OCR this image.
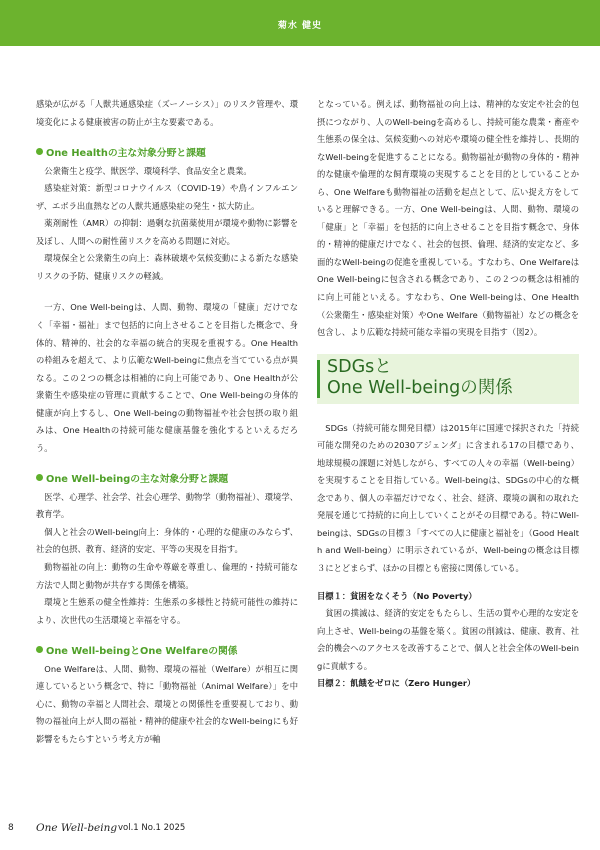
菊水 健史

感染が広がる「人獣共通感染症（ズーノーシス）」のリスク管理や、環境変化による健康被害の防止が主な要素である。

One Healthの主な対象分野と課題

公衆衛生と疫学、獣医学、環境科学、食品安全と農業。

感染症対策：新型コロナウイルス（COVID-19）や鳥インフルエンザ、エボラ出血熱などの人獣共通感染症の発生・拡大防止。

薬剤耐性（AMR）の抑制：過剰な抗菌薬使用が環境や動物に影響を及ぼし、人間への耐性菌リスクを高める問題に対応。

環境保全と公衆衛生の向上：森林破壊や気候変動による新たな感染リスクの予防、健康リスクの軽減。

一方、One Well-beingは、人間、動物、環境の「健康」だけでなく「幸福・福祉」まで包括的に向上させることを目指した概念で、身体的、精神的、社会的な幸福の統合的実現を重視する。One Healthの枠組みを超えて、より広範なWell-beingに焦点を当てている点が異なる。この２つの概念は相補的に向上可能であり、One Healthが公衆衛生や感染症の管理に貢献することで、One Well-beingの身体的健康が向上するし、One Well-beingの動物福祉や社会包摂の取り組みは、One Healthの持続可能な健康基盤を強化するといえるだろう。

One Well-beingの主な対象分野と課題

医学、心理学、社会学、社会心理学、動物学（動物福祉）、環境学、教育学。

個人と社会のWell-being向上：身体的・心理的な健康のみならず、社会的包摂、教育、経済的安定、平等の実現を目指す。

動物福祉の向上：動物の生命や尊厳を尊重し、倫理的・持続可能な方法で人間と動物が共存する関係を構築。

環境と生態系の健全性維持：生態系の多様性と持続可能性の維持により、次世代の生活環境と幸福を守る。

One Well-beingとOne Welfareの関係

One Welfareは、人間、動物、環境の福祉（Welfare）が相互に関連しているという概念で、特に「動物福祉（Animal Welfare）」を中心に、動物の幸福と人間社会、環境との関係性を重要視しており、動物の福祉向上が人間の福祉・精神的健康や社会的なWell-beingにも好影響をもたらすという考え方が軸

となっている。例えば、動物福祉の向上は、精神的な安定や社会的包摂につながり、人のWell-beingを高めるし、持続可能な農業・畜産や生態系の保全は、気候変動への対応や環境の健全性を維持し、長期的なWell-beingを促進することになる。動物福祉が動物の身体的・精神的な健康や倫理的な飼育環境の実現することを目的としていることから、One Welfareも動物福祉の活動を起点として、広い捉え方をしていると理解できる。一方、One Well-beingは、人間、動物、環境の「健康」と「幸福」を包括的に向上させることを目指す概念で、身体的・精神的健康だけでなく、社会的包摂、倫理、経済的安定など、多面的なWell-beingの促進を重視している。すなわち、One WelfareはOne Well-beingに包含される概念であり、この２つの概念は相補的に向上可能といえる。すなわち、One Well-beingは、One Health（公衆衛生・感染症対策）やOne Welfare（動物福祉）などの概念を包含し、より広範な持続可能な幸福の実現を目指す（図2）。

SDGsと
One Well-beingの関係

SDGs（持続可能な開発目標）は2015年に国連で採択された「持続可能な開発のための2030アジェンダ」に含まれる17の目標であり、地球規模の課題に対処しながら、すべての人々の幸福（Well-being）を実現することを目指している。Well-beingは、SDGsの中心的な概念であり、個人の幸福だけでなく、社会、経済、環境の調和の取れた発展を通じて持続的に向上していくことがその目標である。特にWell-beingは、SDGsの目標３「すべての人に健康と福祉を」（Good Health and Well-being）に明示されているが、Well-beingの概念は目標３にとどまらず、ほかの目標とも密接に関係している。

目標１：貧困をなくそう（No Poverty）

貧困の撲滅は、経済的安定をもたらし、生活の質や心理的な安定を向上させ、Well-beingの基盤を築く。貧困の削減は、健康、教育、社会的機会へのアクセスを改善することで、個人と社会全体のWell-beingに貢献する。

目標２：飢餓をゼロに（Zero Hunger）

8 One Well-being vol.1 No.1 2025
